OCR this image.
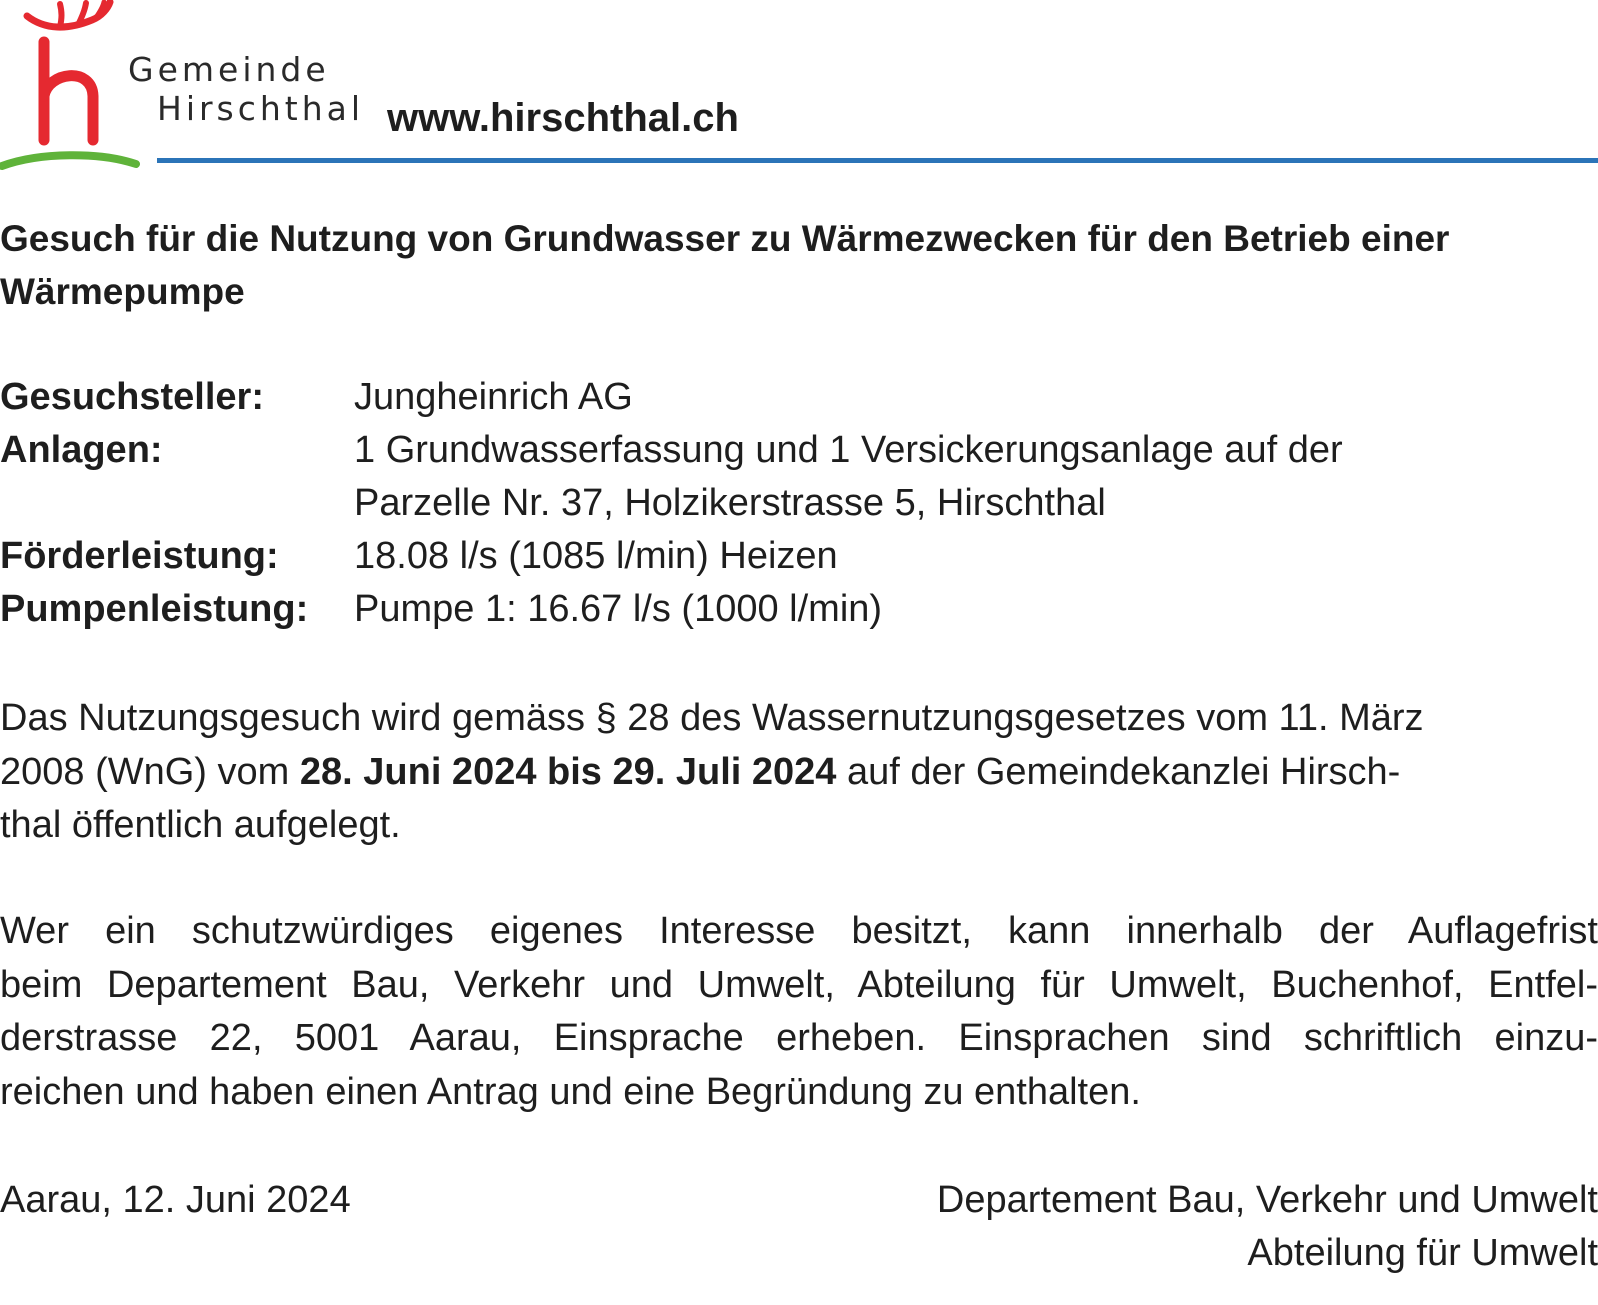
Gemeinde
Hirschthal www.hirschthal.ch
Gesuch für die Nutzung von Grundwasser zu Wärmezwecken für den Betrieb einer Wärmepumpe
Gesuchsteller:	Jungheinrich AG
Anlagen:	1 Grundwasserfassung und 1 Versickerungsanlage auf der
Parzelle Nr. 37, Holzikerstrasse 5, Hirschthal
Förderleistung:	18.08 l/s (1085 l/min) Heizen
Pumpenleistung:	Pumpe 1: 16.67 l/s (1000 l/min)
Das Nutzungsgesuch wird gemäss § 28 des Wassernutzungsgesetzes vom 11. März
2008 (WnG) vom 28. Juni 2024 bis 29. Juli 2024 auf der Gemeindekanzlei Hirsch-
thal öffentlich aufgelegt.
Wer ein schutzwürdiges eigenes Interesse besitzt, kann innerhalb der Auflagefrist
beim Departement Bau, Verkehr und Umwelt, Abteilung für Umwelt, Buchenhof, Entfel-
derstrasse 22, 5001 Aarau, Einsprache erheben. Einsprachen sind schriftlich einzu-
reichen und haben einen Antrag und eine Begründung zu enthalten.
Aarau, 12. Juni 2024	Departement Bau, Verkehr und Umwelt
Abteilung für Umwelt
